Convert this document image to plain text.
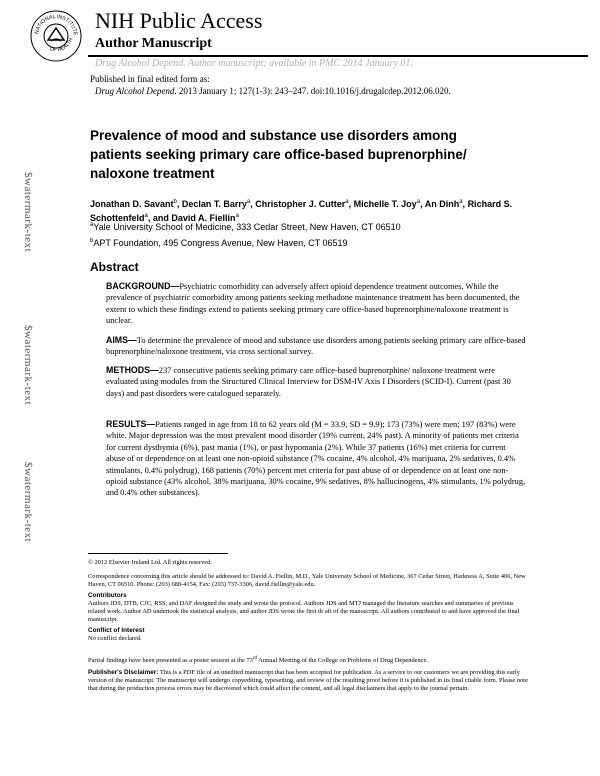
NATIONAL INSTITUTE
OF HEALTH
NIH Public Access
Author Manuscript
Drug Alcohol Depend. Author manuscript; available in PMC 2014 January 01.
Published in final edited form as:
Drug Alcohol Depend. 2013 January 1; 127(1-3): 243–247. doi:10.1016/j.drugalcdep.2012.06.020.
$watermark-text
$watermark-text
$watermark-text
Prevalence of mood and substance use disorders among patients seeking primary care office-based buprenorphine/ naloxone treatment
Jonathan D. Savant$^b$, Declan T. Barry$^a$, Christopher J. Cutter$^a$, Michelle T. Joy$^a$, An Dinh$^a$, Richard S. Schottenfeld$^a$, and David A. Fiellin$^a$
$^a$Yale University School of Medicine, 333 Cedar Street, New Haven, CT 06510
$^b$APT Foundation, 495 Congress Avenue, New Haven, CT 06519
Abstract
BACKGROUND—Psychiatric comorbidity can adversely affect opioid dependence treatment outcomes. While the prevalence of psychiatric comorbidity among patients seeking methadone maintenance treatment has been documented, the extent to which these findings extend to patients seeking primary care office-based buprenorphine/naloxone treatment is unclear.
AIMS—To determine the prevalence of mood and substance use disorders among patients seeking primary care office-based buprenorphine/naloxone treatment, via cross sectional survey.
METHODS—237 consecutive patients seeking primary care office-based buprenorphine/ naloxone treatment were evaluated using modules from the Structured Clinical Interview for DSM-IV Axis I Disorders (SCID-I). Current (past 30 days) and past disorders were catalogued separately.
RESULTS—Patients ranged in age from 18 to 62 years old (M = 33.9, SD = 9.9); 173 (73%) were men; 197 (83%) were white. Major depression was the most prevalent mood disorder (19% current, 24% past). A minority of patients met criteria for current dysthymia (6%), past mania (1%), or past hypomania (2%). While 37 patients (16%) met criteria for current abuse of or dependence on at least one non-opioid substance (7% cocaine, 4% alcohol, 4% marijuana, 2% sedatives, 0.4% stimulants, 0.4% polydrug), 168 patients (70%) percent met criteria for past abuse of or dependence on at least one non-opioid substance (43% alcohol, 38% marijuana, 30% cocaine, 9% sedatives, 8% hallucinogens, 4% stimulants, 1% polydrug, and 0.4% other substances).
© 2012 Elsevier Ireland Ltd. All rights reserved.
Correspondence concerning this article should be addressed to: David A. Fiellin, M.D., Yale University School of Medicine, 367 Cedar Street, Harkness A, Suite 406, New Haven, CT 06510. Phone: (203) 688-4154, Fax: (203) 737-3306, david.fiellin@yale.edu.
Contributors
Authors JDS, DTB, CJC, RSS, and DAF designed the study and wrote the protocol. Authors JDS and MTJ managed the literature searches and summaries of previous related work. Author AD undertook the statistical analysis, and author JDS wrote the first dr aft of the manuscript. All authors contributed to and have approved the final manuscript.
Conflict of Interest
No conflict declared.
Partial findings have been presented as a poster session at the 73rd Annual Meeting of the College on Problems of Drug Dependence.
Publisher's Disclaimer: This is a PDF file of an unedited manuscript that has been accepted for publication. As a service to our customers we are providing this early version of the manuscript. The manuscript will undergo copyediting, typesetting, and review of the resulting proof before it is published in its final citable form. Please note that during the production process errors may be discovered which could affect the content, and all legal disclaimers that apply to the journal pertain.
